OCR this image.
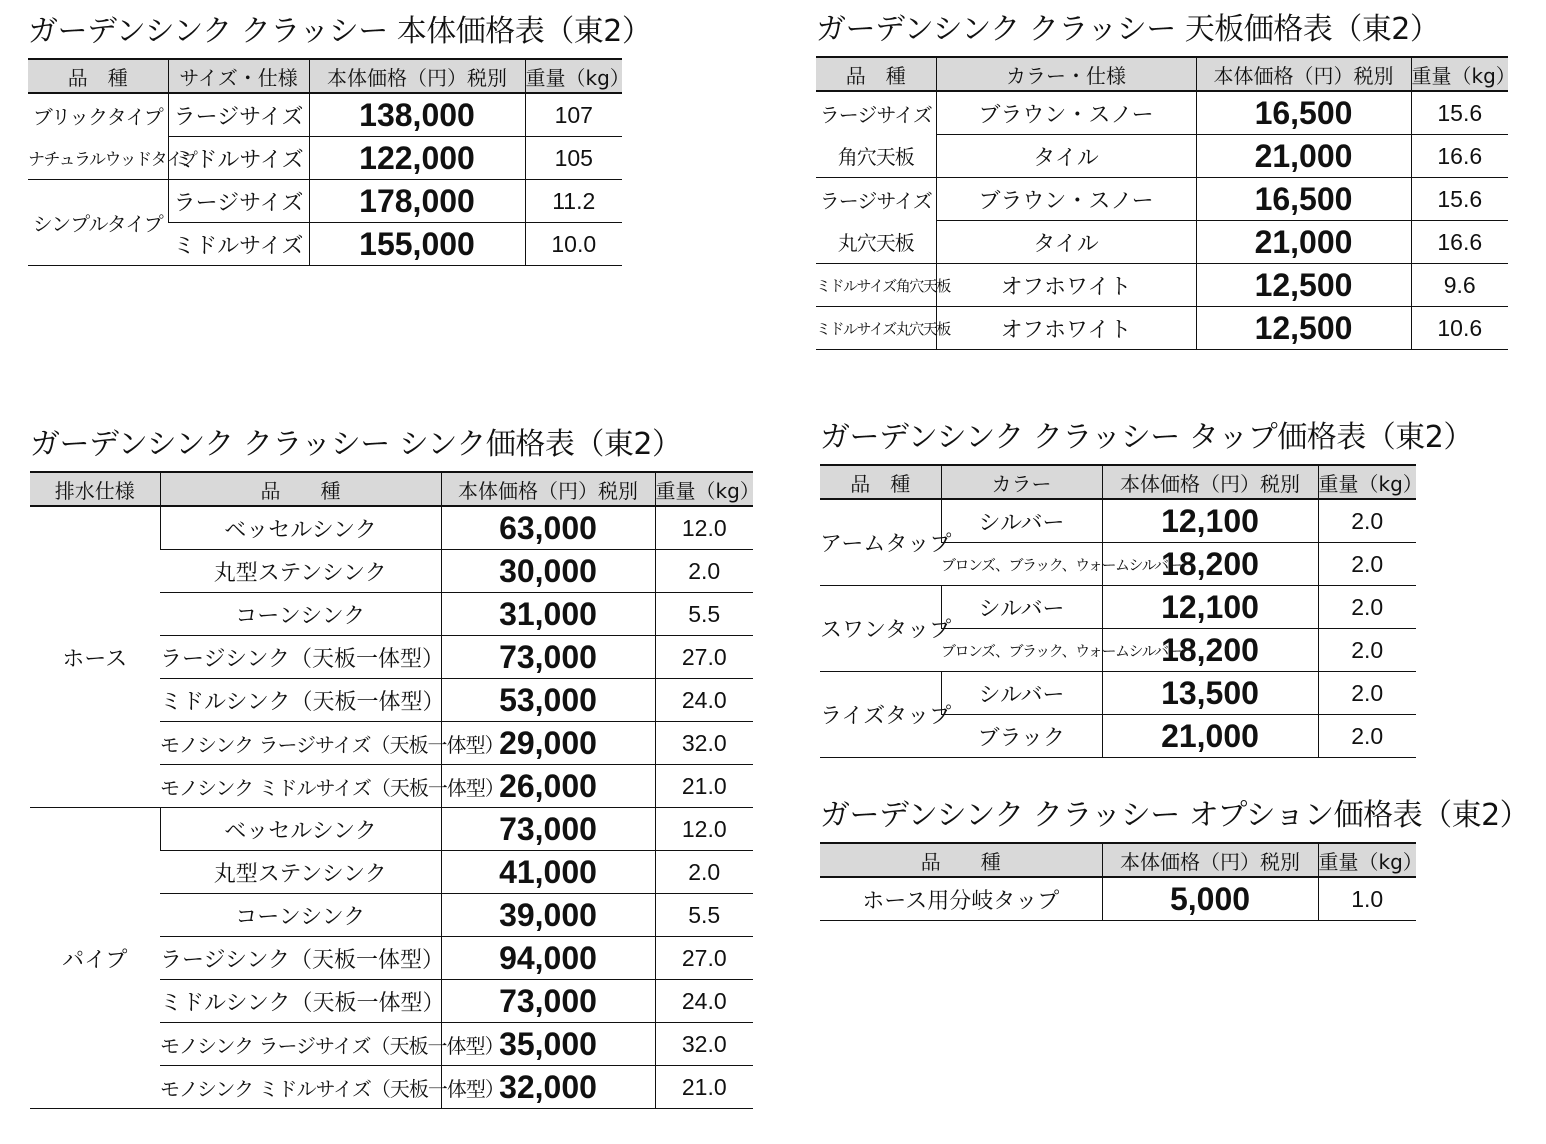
ガーデンシンク クラッシー 本体価格表（東2）
品　種	サイズ・仕様	本体価格（円）税別	重量（kg）
ブリックタイプ	ラージサイズ	138,000	107
ナチュラルウッドタイプ	ミドルサイズ	122,000	105
シンプルタイプ	ラージサイズ	178,000	11.2
	ミドルサイズ	155,000	10.0
ガーデンシンク クラッシー 天板価格表（東2）
品　種	カラー・仕様	本体価格（円）税別	重量（kg）
ラージサイズ	ブラウン・スノー	16,500	15.6
角穴天板	タイル	21,000	16.6
ラージサイズ	ブラウン・スノー	16,500	15.6
丸穴天板	タイル	21,000	16.6
ミドルサイズ角穴天板	オフホワイト	12,500	9.6
ミドルサイズ丸穴天板	オフホワイト	12,500	10.6
ガーデンシンク クラッシー シンク価格表（東2）
排水仕様	品　　種	本体価格（円）税別	重量（kg）
ホース	ベッセルシンク	63,000	12.0
	丸型ステンシンク	30,000	2.0
	コーンシンク	31,000	5.5
	ラージシンク（天板一体型）	73,000	27.0
	ミドルシンク（天板一体型）	53,000	24.0
	モノシンク ラージサイズ（天板一体型）	29,000	32.0
	モノシンク ミドルサイズ（天板一体型）	26,000	21.0
パイプ	ベッセルシンク	73,000	12.0
	丸型ステンシンク	41,000	2.0
	コーンシンク	39,000	5.5
	ラージシンク（天板一体型）	94,000	27.0
	ミドルシンク（天板一体型）	73,000	24.0
	モノシンク ラージサイズ（天板一体型）	35,000	32.0
	モノシンク ミドルサイズ（天板一体型）	32,000	21.0
ガーデンシンク クラッシー タップ価格表（東2）
品　種	カラー	本体価格（円）税別	重量（kg）
アームタップ	シルバー	12,100	2.0
	ブロンズ、ブラック、ウォームシルバー	18,200	2.0
スワンタップ	シルバー	12,100	2.0
	ブロンズ、ブラック、ウォームシルバー	18,200	2.0
ライズタップ	シルバー	13,500	2.0
	ブラック	21,000	2.0
ガーデンシンク クラッシー オプション価格表（東2）
品　　種	本体価格（円）税別	重量（kg）
ホース用分岐タップ	5,000	1.0
